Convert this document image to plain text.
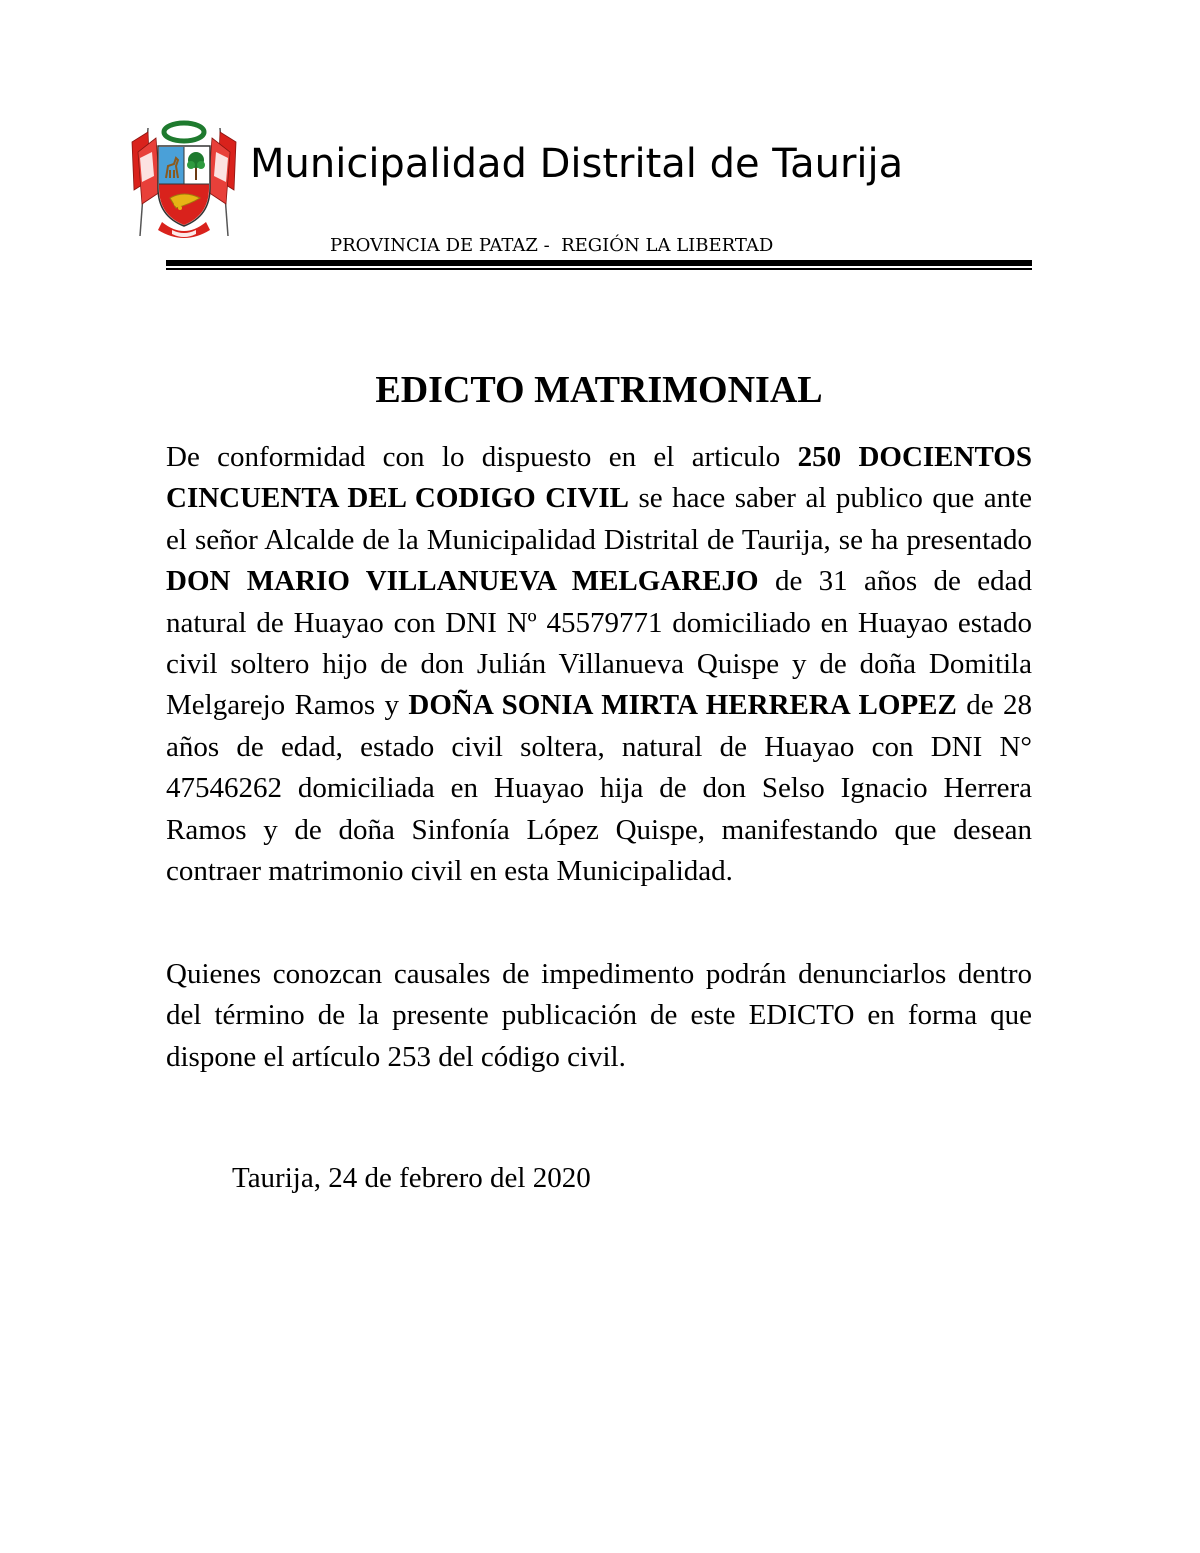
Municipalidad Distrital de Taurija
PROVINCIA DE PATAZ -  REGIÓN LA LIBERTAD
EDICTO MATRIMONIAL

De conformidad con lo dispuesto en el articulo 250 DOCIENTOS CINCUENTA DEL CODIGO CIVIL se hace saber al publico que ante el señor Alcalde de la Municipalidad Distrital de Taurija, se ha presentado DON MARIO VILLANUEVA MELGAREJO de 31 años de edad natural de Huayao con DNI Nº 45579771 domiciliado en Huayao estado civil soltero hijo de don Julián Villanueva Quispe y de doña Domitila Melgarejo Ramos y DOÑA SONIA MIRTA HERRERA LOPEZ de 28 años de edad, estado civil soltera, natural de Huayao con DNI N° 47546262 domiciliada en Huayao hija de don Selso Ignacio Herrera Ramos y de doña Sinfonía López Quispe, manifestando que desean contraer matrimonio civil en esta Municipalidad.

Quienes conozcan causales de impedimento podrán denunciarlos dentro del término de la presente publicación de este EDICTO en forma que dispone el artículo 253 del código civil.

Taurija, 24 de febrero del 2020
